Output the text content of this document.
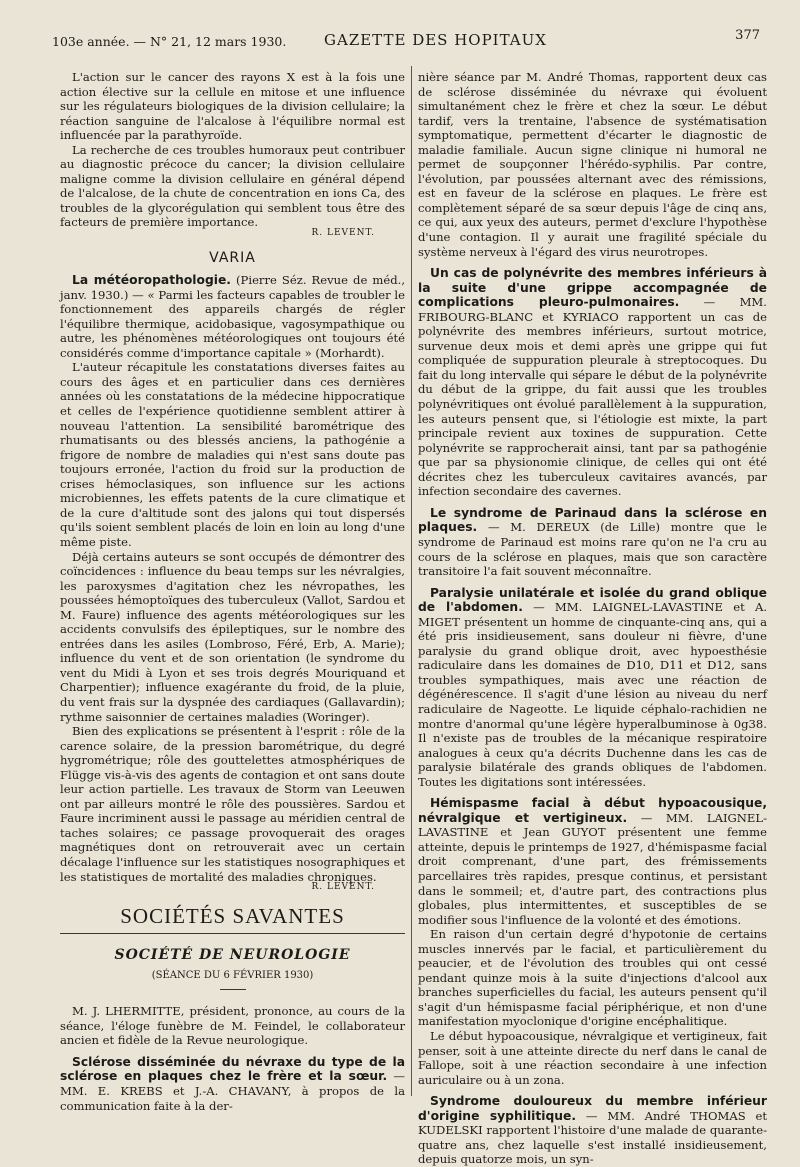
103e année. — N° 21, 12 mars 1930.	GAZETTE DES HOPITAUX	377

L'action sur le cancer des rayons X est à la fois une action élective sur la cellule en mitose et une influence sur les régulateurs biologiques de la division cellulaire; la réaction sanguine de l'alcalose à l'équilibre normal est influencée par la parathyroïde.

La recherche de ces troubles humoraux peut contribuer au diagnostic précoce du cancer; la division cellulaire maligne comme la division cellulaire en général dépend de l'alcalose, de la chute de concentration en ions Ca, des troubles de la glycorégulation qui semblent tous être des facteurs de première importance.

R. LEVENT.
VARIA

La météoropathologie. (Pierre Séz. Revue de méd., janv. 1930.) — « Parmi les facteurs capables de troubler le fonctionnement des appareils chargés de régler l'équilibre thermique, acidobasique, vagosympathique ou autre, les phénomènes météorologiques ont toujours été considérés comme d'importance capitale » (Morhardt).

L'auteur récapitule les constatations diverses faites au cours des âges et en particulier dans ces dernières années où les constatations de la médecine hippocratique et celles de l'expérience quotidienne semblent attirer à nouveau l'attention. La sensibilité barométrique des rhumatisants ou des blessés anciens, la pathogénie a frigore de nombre de maladies qui n'est sans doute pas toujours erronée, l'action du froid sur la production de crises hémoclasiques, son influence sur les actions microbiennes, les effets patents de la cure climatique et de la cure d'altitude sont des jalons qui tout dispersés qu'ils soient semblent placés de loin en loin au long d'une même piste.

Déjà certains auteurs se sont occupés de démontrer des coïncidences : influence du beau temps sur les névralgies, les paroxysmes d'agitation chez les névropathes, les poussées hémoptoïques des tuberculeux (Vallot, Sardou et M. Faure) influence des agents météorologiques sur les accidents convulsifs des épileptiques, sur le nombre des entrées dans les asiles (Lombroso, Féré, Erb, A. Marie); influence du vent et de son orientation (le syndrome du vent du Midi à Lyon et ses trois degrés Mouriquand et Charpentier); influence exagérante du froid, de la pluie, du vent frais sur la dyspnée des cardiaques (Gallavardin); rythme saisonnier de certaines maladies (Woringer).

Bien des explications se présentent à l'esprit : rôle de la carence solaire, de la pression barométrique, du degré hygrométrique; rôle des gouttelettes atmosphériques de Flügge vis-à-vis des agents de contagion et ont sans doute leur action partielle. Les travaux de Storm van Leeuwen ont par ailleurs montré le rôle des poussières. Sardou et Faure incriminent aussi le passage au méridien central de taches solaires; ce passage provoquerait des orages magnétiques dont on retrouverait avec un certain décalage l'influence sur les statistiques nosographiques et les statistiques de mortalité des maladies chroniques.

R. LEVENT.
SOCIÉTÉS SAVANTES
SOCIÉTÉ DE NEUROLOGIE
(SÉANCE DU 6 FÉVRIER 1930)

M. J. LHERMITTE, président, prononce, au cours de la séance, l'éloge funèbre de M. Feindel, le collaborateur ancien et fidèle de la Revue neurologique.

Sclérose disséminée du névraxe du type de la sclérose en plaques chez le frère et la sœur. — MM. E. KREBS et J.-A. CHAVANY, à propos de la communication faite à la der-

nière séance par M. André Thomas, rapportent deux cas de sclérose disséminée du névraxe qui évoluent simultanément chez le frère et chez la sœur. Le début tardif, vers la trentaine, l'absence de systématisation symptomatique, permettent d'écarter le diagnostic de maladie familiale. Aucun signe clinique ni humoral ne permet de soupçonner l'hérédo-syphilis. Par contre, l'évolution, par poussées alternant avec des rémissions, est en faveur de la sclérose en plaques. Le frère est complètement séparé de sa sœur depuis l'âge de cinq ans, ce qui, aux yeux des auteurs, permet d'exclure l'hypothèse d'une contagion. Il y aurait une fragilité spéciale du système nerveux à l'égard des virus neurotropes.

Un cas de polynévrite des membres inférieurs à la suite d'une grippe accompagnée de complications pleuro-pulmonaires. — MM. FRIBOURG-BLANC et KYRIACO rapportent un cas de polynévrite des membres inférieurs, surtout motrice, survenue deux mois et demi après une grippe qui fut compliquée de suppuration pleurale à streptocoques. Du fait du long intervalle qui sépare le début de la polynévrite du début de la grippe, du fait aussi que les troubles polynévritiques ont évolué parallèlement à la suppuration, les auteurs pensent que, si l'étiologie est mixte, la part principale revient aux toxines de suppuration. Cette polynévrite se rapprocherait ainsi, tant par sa pathogénie que par sa physionomie clinique, de celles qui ont été décrites chez les tuberculeux cavitaires avancés, par infection secondaire des cavernes.

Le syndrome de Parinaud dans la sclérose en plaques. — M. DEREUX (de Lille) montre que le syndrome de Parinaud est moins rare qu'on ne l'a cru au cours de la sclérose en plaques, mais que son caractère transitoire l'a fait souvent méconnaître.

Paralysie unilatérale et isolée du grand oblique de l'abdomen. — MM. LAIGNEL-LAVASTINE et A. MIGET présentent un homme de cinquante-cinq ans, qui a été pris insidieusement, sans douleur ni fièvre, d'une paralysie du grand oblique droit, avec hypoesthésie radiculaire dans les domaines de D10, D11 et D12, sans troubles sympathiques, mais avec une réaction de dégénérescence. Il s'agit d'une lésion au niveau du nerf radiculaire de Nageotte. Le liquide céphalo-rachidien ne montre d'anormal qu'une légère hyperalbuminose à 0g38. Il n'existe pas de troubles de la mécanique respiratoire analogues à ceux qu'a décrits Duchenne dans les cas de paralysie bilatérale des grands obliques de l'abdomen. Toutes les digitations sont intéressées.

Hémispasme facial à début hypoacousique, névralgique et vertigineux. — MM. LAIGNEL-LAVASTINE et Jean GUYOT présentent une femme atteinte, depuis le printemps de 1927, d'hémispasme facial droit comprenant, d'une part, des frémissements parcellaires très rapides, presque continus, et persistant dans le sommeil; et, d'autre part, des contractions plus globales, plus intermittentes, et susceptibles de se modifier sous l'influence de la volonté et des émotions.

En raison d'un certain degré d'hypotonie de certains muscles innervés par le facial, et particulièrement du peaucier, et de l'évolution des troubles qui ont cessé pendant quinze mois à la suite d'injections d'alcool aux branches superficielles du facial, les auteurs pensent qu'il s'agit d'un hémispasme facial périphérique, et non d'une manifestation myoclonique d'origine encéphalitique.

Le début hypoacousique, névralgique et vertigineux, fait penser, soit à une atteinte directe du nerf dans le canal de Fallope, soit à une réaction secondaire à une infection auriculaire ou à un zona.

Syndrome douloureux du membre inférieur d'origine syphilitique. — MM. André THOMAS et KUDELSKI rapportent l'histoire d'une malade de quarante-quatre ans, chez laquelle s'est installé insidieusement, depuis quatorze mois, un syn-
